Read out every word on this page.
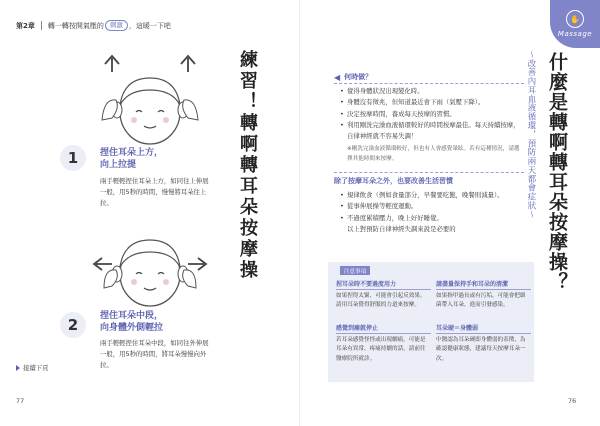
第2章 轉一轉按開氣壓的 刺激 ，這暖一下吧
1	捏住耳朵上方，
向上拉提
兩手輕輕捏住耳朵上方，如同往上伸展一般，用5秒的時間，慢慢將耳朵往上拉。
2	捏住耳朵中段，
向身體外側輕拉
兩手輕輕捏住耳朵中段，如同往外伸展一般，用5秒的時間，將耳朵慢慢向外拉。
接續下頁
練習！轉啊轉耳朵按摩操
77
✋
Massage
什麼是轉啊轉耳朵按摩操？
～改善內耳血液循環，預防兩天都會症狀～
◀ 何時做？
• 覺得身體狀況出現變化時。
• 身體沒有徵兆，但知道最近會下雨（氣壓下降）。
• 決定按摩時間，養成每天按摩的習慣。
• 利用剛洗完澡血液循環較好的時間按摩最佳。每天持續按摩，自律神經就不容易失調！
※剛洗完澡血液循環較好，但也有人會感覺暈眩。若有這種情況，請選擇其他時間來按摩。
除了按摩耳朵之外，也要改善生活習慣
• 規律飲食（例如食量部分，早餐要吃飽，晚餐則減量）。
• 從事伸展操等輕度運動。
• 不過度累積壓力，晚上好好睡覺。
以上對預防自律神經失調來說是必要的
注意事項
捏耳朵時不要過度用力
如果捏得太緊，可能會引起反效果。請用耳朵覺得舒服的力道來按摩。
請盡量保持手和耳朵的清潔
如果指甲過長或有污垢，可能會把細菌帶入耳朵，進而引發感染。
感覺到痛就停止
若耳朵感覺怪怪或出現劇痛，可能是耳朵有異常，疼痛持續的話，請前往醫療院所就診。
耳朵硬＝身體弱
中醫認為耳朵硬即身體弱的表徵，為確認健康狀態，建議每天按摩耳朵一次。
76
